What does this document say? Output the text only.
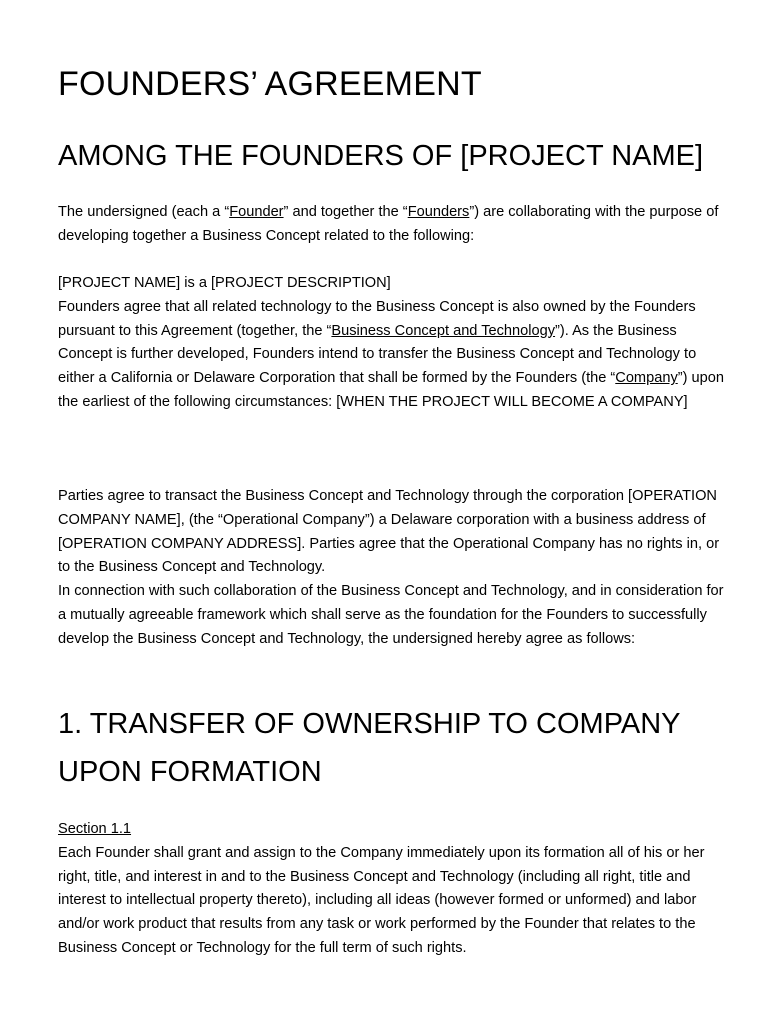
FOUNDERS’ AGREEMENT
AMONG THE FOUNDERS OF [PROJECT NAME]

The undersigned (each a “Founder” and together the “Founders”) are collaborating with the purpose of developing together a Business Concept related to the following:

[PROJECT NAME] is a [PROJECT DESCRIPTION]
Founders agree that all related technology to the Business Concept is also owned by the Founders pursuant to this Agreement (together, the “Business Concept and Technology”). As the Business Concept is further developed, Founders intend to transfer the Business Concept and Technology to either a California or Delaware Corporation that shall be formed by the Founders (the “Company”) upon the earliest of the following circumstances: [WHEN THE PROJECT WILL BECOME A COMPANY]

Parties agree to transact the Business Concept and Technology through the corporation [OPERATION COMPANY NAME], (the “Operational Company”) a Delaware corporation with a business address of [OPERATION COMPANY ADDRESS]. Parties agree that the Operational Company has no rights in, or to the Business Concept and Technology.
In connection with such collaboration of the Business Concept and Technology, and in consideration for a mutually agreeable framework which shall serve as the foundation for the Founders to successfully develop the Business Concept and Technology, the undersigned hereby agree as follows:

1. TRANSFER OF OWNERSHIP TO COMPANY UPON FORMATION

Section 1.1
Each Founder shall grant and assign to the Company immediately upon its formation all of his or her right, title, and interest in and to the Business Concept and Technology (including all right, title and interest to intellectual property thereto), including all ideas (however formed or unformed) and labor and/or work product that results from any task or work performed by the Founder that relates to the Business Concept or Technology for the full term of such rights.
